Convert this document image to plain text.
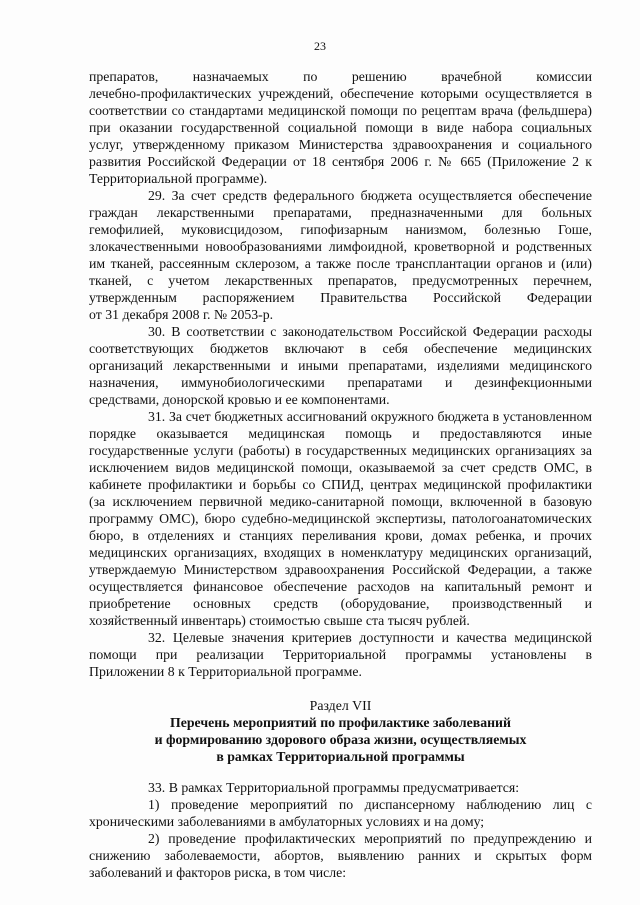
23
препаратов, назначаемых по решению врачебной комиссии
лечебно-профилактических учреждений, обеспечение которыми осуществляется в
соответствии со стандартами медицинской помощи по рецептам врача (фельдшера)
при оказании государственной социальной помощи в виде набора социальных
услуг, утвержденному приказом Министерства здравоохранения и социального
развития Российской Федерации от 18 сентября 2006 г. № 665 (Приложение 2 к
Территориальной программе).
29. За счет средств федерального бюджета осуществляется обеспечение
граждан лекарственными препаратами, предназначенными для больных
гемофилией, муковисцидозом, гипофизарным нанизмом, болезнью Гоше,
злокачественными новообразованиями лимфоидной, кроветворной и родственных
им тканей, рассеянным склерозом, а также после трансплантации органов и (или)
тканей, с учетом лекарственных препаратов, предусмотренных перечнем,
утвержденным распоряжением Правительства Российской Федерации
от 31 декабря 2008 г. № 2053-р.
30. В соответствии с законодательством Российской Федерации расходы
соответствующих бюджетов включают в себя обеспечение медицинских
организаций лекарственными и иными препаратами, изделиями медицинского
назначения, иммунобиологическими препаратами и дезинфекционными
средствами, донорской кровью и ее компонентами.
31. За счет бюджетных ассигнований окружного бюджета в установленном
порядке оказывается медицинская помощь и предоставляются иные
государственные услуги (работы) в государственных медицинских организациях за
исключением видов медицинской помощи, оказываемой за счет средств ОМС, в
кабинете профилактики и борьбы со СПИД, центрах медицинской профилактики
(за исключением первичной медико-санитарной помощи, включенной в базовую
программу ОМС), бюро судебно-медицинской экспертизы, патологоанатомических
бюро, в отделениях и станциях переливания крови, домах ребенка, и прочих
медицинских организациях, входящих в номенклатуру медицинских организаций,
утверждаемую Министерством здравоохранения Российской Федерации, а также
осуществляется финансовое обеспечение расходов на капитальный ремонт и
приобретение основных средств (оборудование, производственный и
хозяйственный инвентарь) стоимостью свыше ста тысяч рублей.
32. Целевые значения критериев доступности и качества медицинской
помощи при реализации Территориальной программы установлены в
Приложении 8 к Территориальной программе.
Раздел VII
Перечень мероприятий по профилактике заболеваний
и формированию здорового образа жизни, осуществляемых
в рамках Территориальной программы
33. В рамках Территориальной программы предусматривается:
1) проведение мероприятий по диспансерному наблюдению лиц с
хроническими заболеваниями в амбулаторных условиях и на дому;
2) проведение профилактических мероприятий по предупреждению и
снижению заболеваемости, абортов, выявлению ранних и скрытых форм
заболеваний и факторов риска, в том числе:
